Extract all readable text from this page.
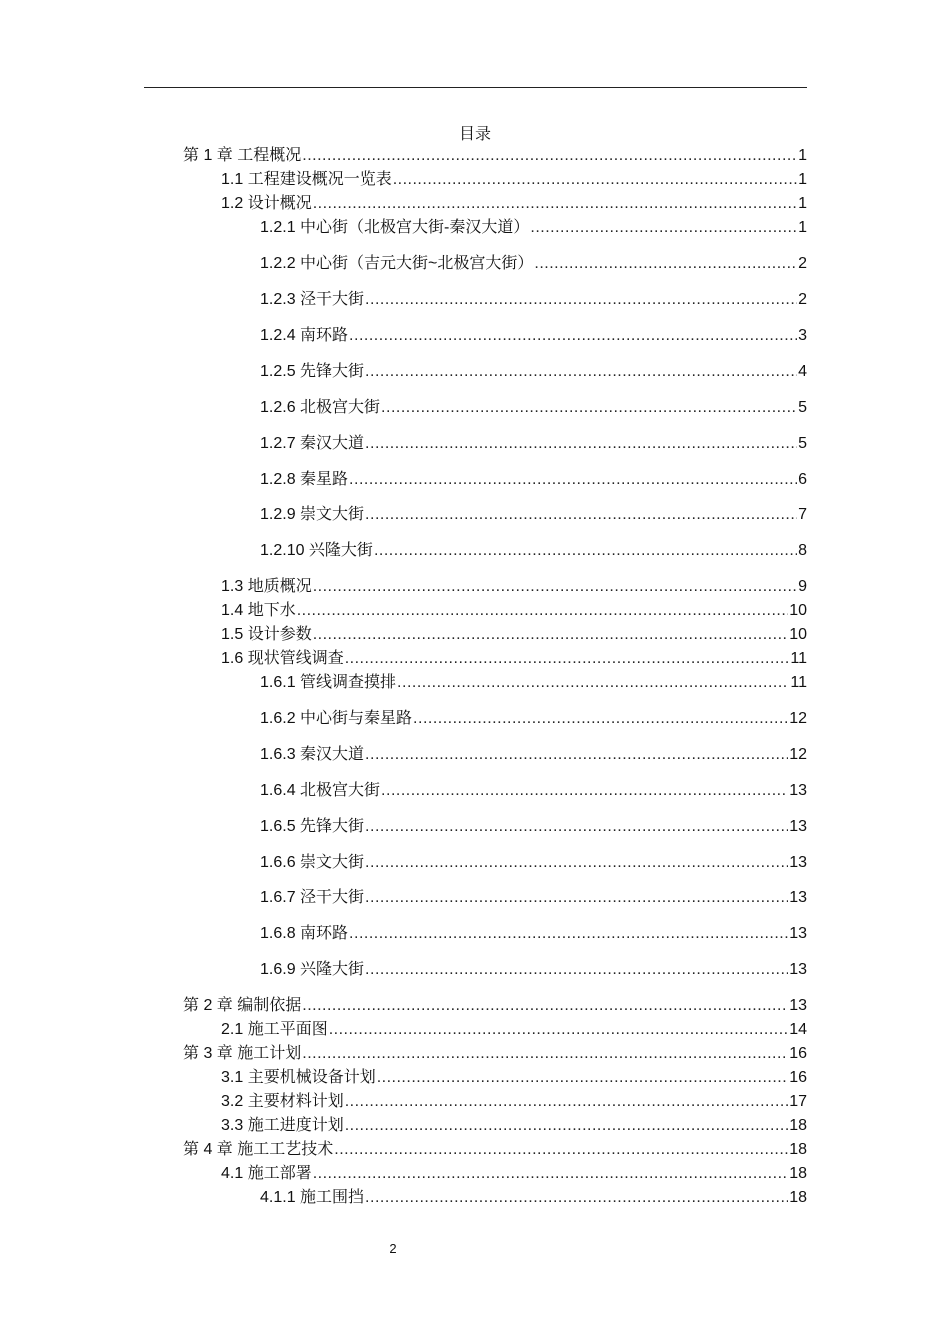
目录
第 1 章 工程概况 .....	1
1.1 工程建设概况一览表 .....	1
1.2 设计概况 .....	1
1.2.1 中心街（北极宫大街-秦汉大道） .....	1
1.2.2 中心街（吉元大街~北极宫大街） .....	2
1.2.3 泾干大街 .....	2
1.2.4 南环路 .....	3
1.2.5 先锋大街 .....	4
1.2.6 北极宫大街 .....	5
1.2.7 秦汉大道 .....	5
1.2.8 秦星路 .....	6
1.2.9 崇文大街 .....	7
1.2.10 兴隆大街 .....	8
1.3 地质概况 .....	9
1.4 地下水 .....	10
1.5 设计参数 .....	10
1.6 现状管线调查 .....	11
1.6.1 管线调查摸排 .....	11
1.6.2 中心街与秦星路 .....	12
1.6.3 秦汉大道 .....	12
1.6.4 北极宫大街 .....	13
1.6.5 先锋大街 .....	13
1.6.6 崇文大街 .....	13
1.6.7 泾干大街 .....	13
1.6.8 南环路 .....	13
1.6.9 兴隆大街 .....	13
第 2 章 编制依据 .....	13
2.1 施工平面图 .....	14
第 3 章 施工计划 .....	16
3.1 主要机械设备计划 .....	16
3.2 主要材料计划 .....	17
3.3 施工进度计划 .....	18
第 4 章 施工工艺技术 .....	18
4.1 施工部署 .....	18
4.1.1 施工围挡 .....	18
2
